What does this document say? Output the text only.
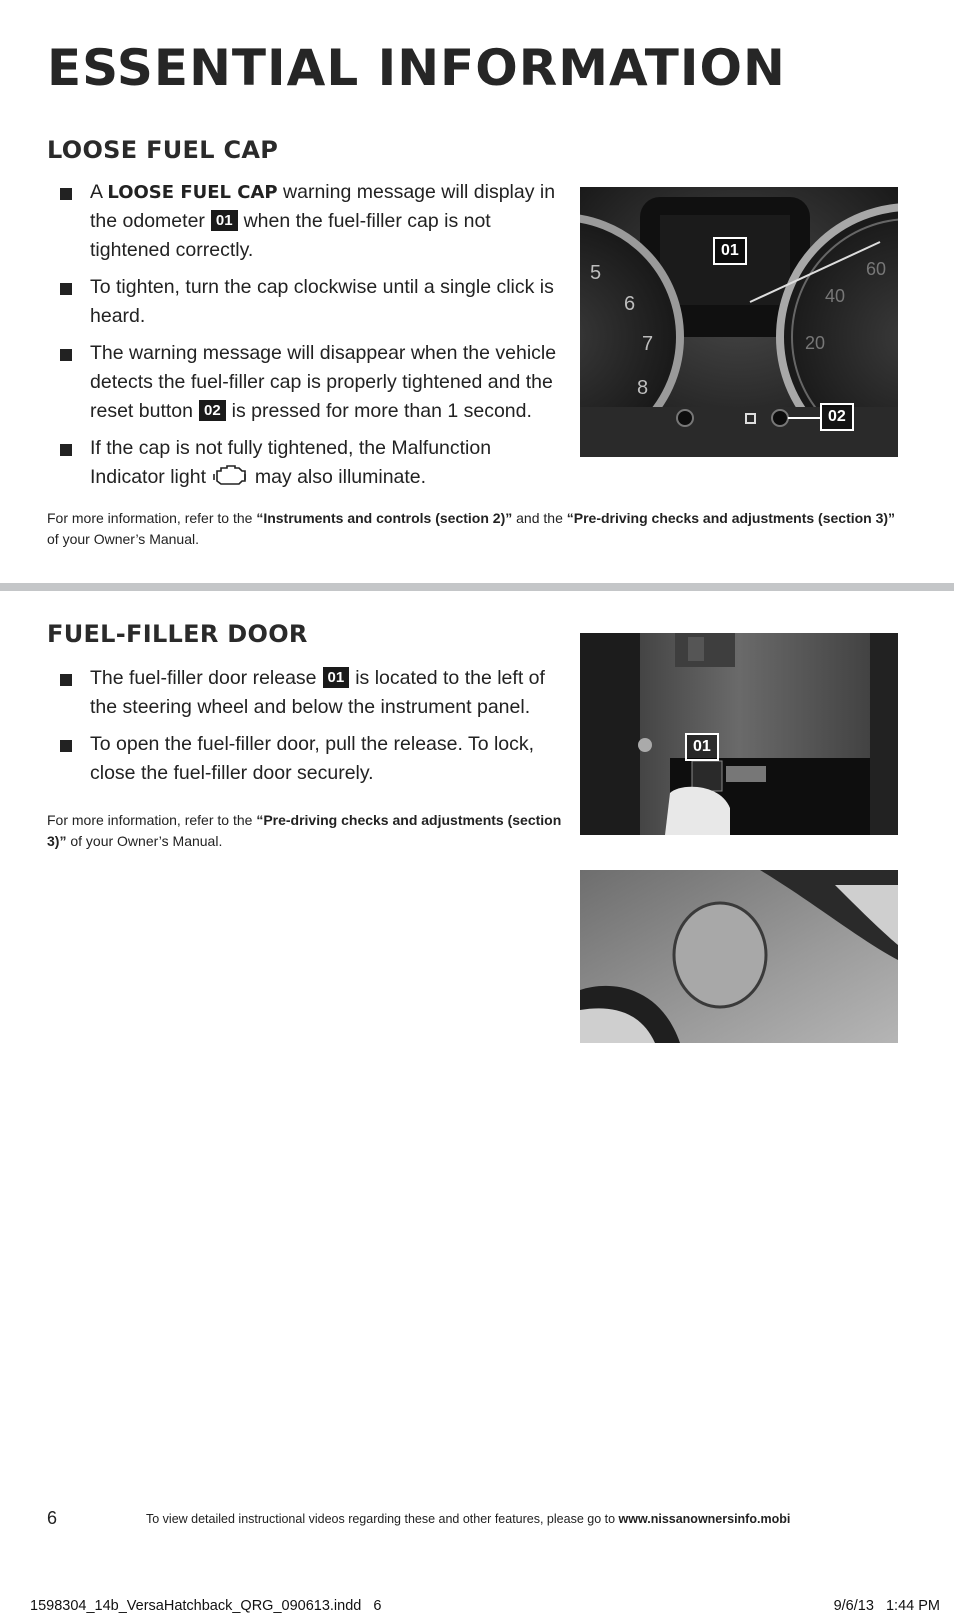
ESSENTIAL INFORMATION
LOOSE FUEL CAP
A LOOSE FUEL CAP warning message will display in the odometer 01 when the fuel-filler cap is not tightened correctly.
To tighten, turn the cap clockwise until a single click is heard.
The warning message will disappear when the vehicle detects the fuel-filler cap is properly tightened and the reset button 02 is pressed for more than 1 second.
If the cap is not fully tightened, the Malfunction Indicator light	may also illuminate.

For more information, refer to the “Instruments and controls (section 2)” and the “Pre-driving checks and adjustments (section 3)” of your Owner’s Manual.

5
6
7
8
60
40
20
01
02
FUEL-FILLER DOOR
The fuel-filler door release 01 is located to the left of the steering wheel and below the instrument panel.
To open the fuel-filler door, pull the release. To lock, close the fuel-filler door securely.

For more information, refer to the “Pre-driving checks and adjustments (section 3)” of your Owner’s Manual.

01
6	To view detailed instructional videos regarding these and other features, please go to www.nissanownersinfo.mobi
1598304_14b_VersaHatchback_QRG_090613.indd   6	9/6/13   1:44 PM
